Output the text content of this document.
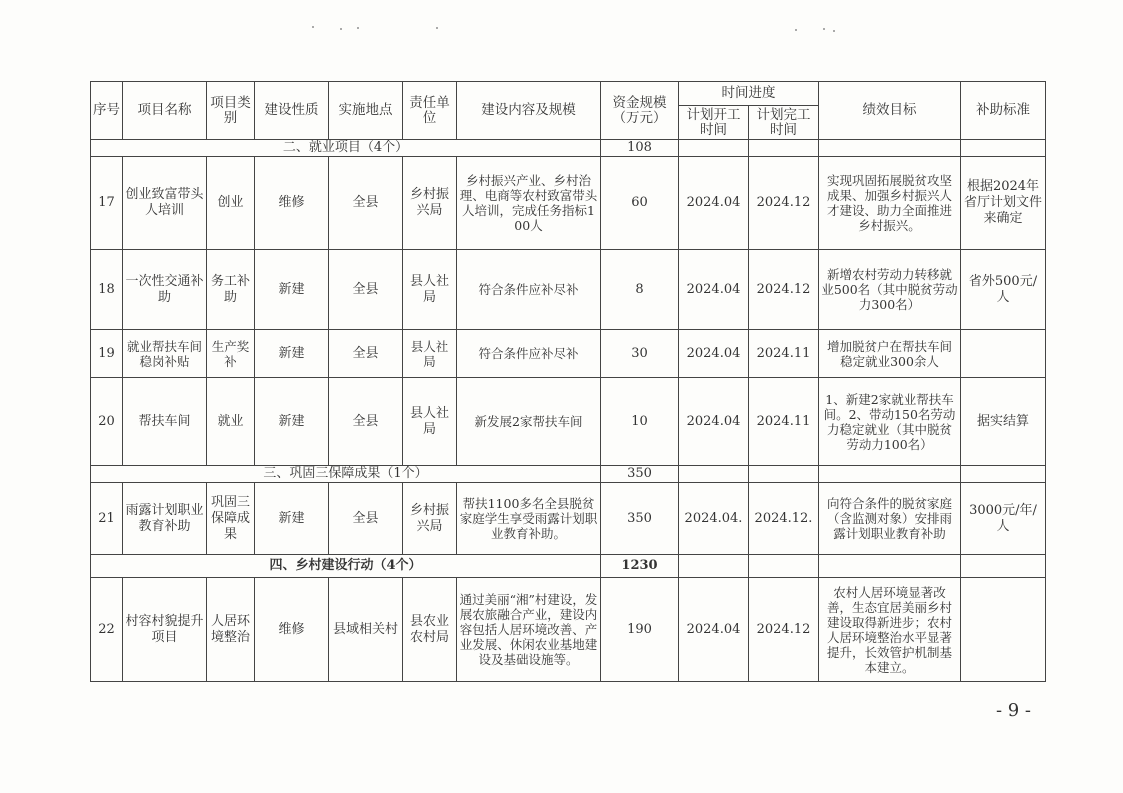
序号	项目名称	项目类别	建设性质	实施地点	责任单位	建设内容及规模	资金规模（万元）	时间进度		绩效目标	补助标准
								计划开工时间	计划完工时间		
二、就业项目（4个）							108				
17	创业致富带头人培训	创业	维修	全县	乡村振兴局	乡村振兴产业、乡村治理、电商等农村致富带头人培训，完成任务指标100人	60	2024.04	2024.12	实现巩固拓展脱贫攻坚成果、加强乡村振兴人才建设、助力全面推进乡村振兴。	根据2024年省厅计划文件来确定
18	一次性交通补助	务工补助	新建	全县	县人社局	符合条件应补尽补	8	2024.04	2024.12	新增农村劳动力转移就业500名（其中脱贫劳动力300名）	省外500元/人
19	就业帮扶车间稳岗补贴	生产奖补	新建	全县	县人社局	符合条件应补尽补	30	2024.04	2024.11	增加脱贫户在帮扶车间稳定就业300余人	
20	帮扶车间	就业	新建	全县	县人社局	新发展2家帮扶车间	10	2024.04	2024.11	1、新建2家就业帮扶车间。2、带动150名劳动力稳定就业（其中脱贫劳动力100名）	据实结算
三、巩固三保障成果（1个）							350				
21	雨露计划职业教育补助	巩固三保障成果	新建	全县	乡村振兴局	帮扶1100多名全县脱贫家庭学生享受雨露计划职业教育补助。	350	2024.04.	2024.12.	向符合条件的脱贫家庭（含监测对象）安排雨露计划职业教育补助	3000元/年/人
四、乡村建设行动（4个）							1230				
22	村容村貌提升项目	人居环境整治	维修	县域相关村	县农业农村局	通过美丽“湘”村建设，发展农旅融合产业，建设内容包括人居环境改善、产业发展、休闲农业基地建设及基础设施等。	190	2024.04	2024.12	农村人居环境显著改善，生态宜居美丽乡村建设取得新进步；农村人居环境整治水平显著提升，长效管护机制基本建立。	
- 9 -
